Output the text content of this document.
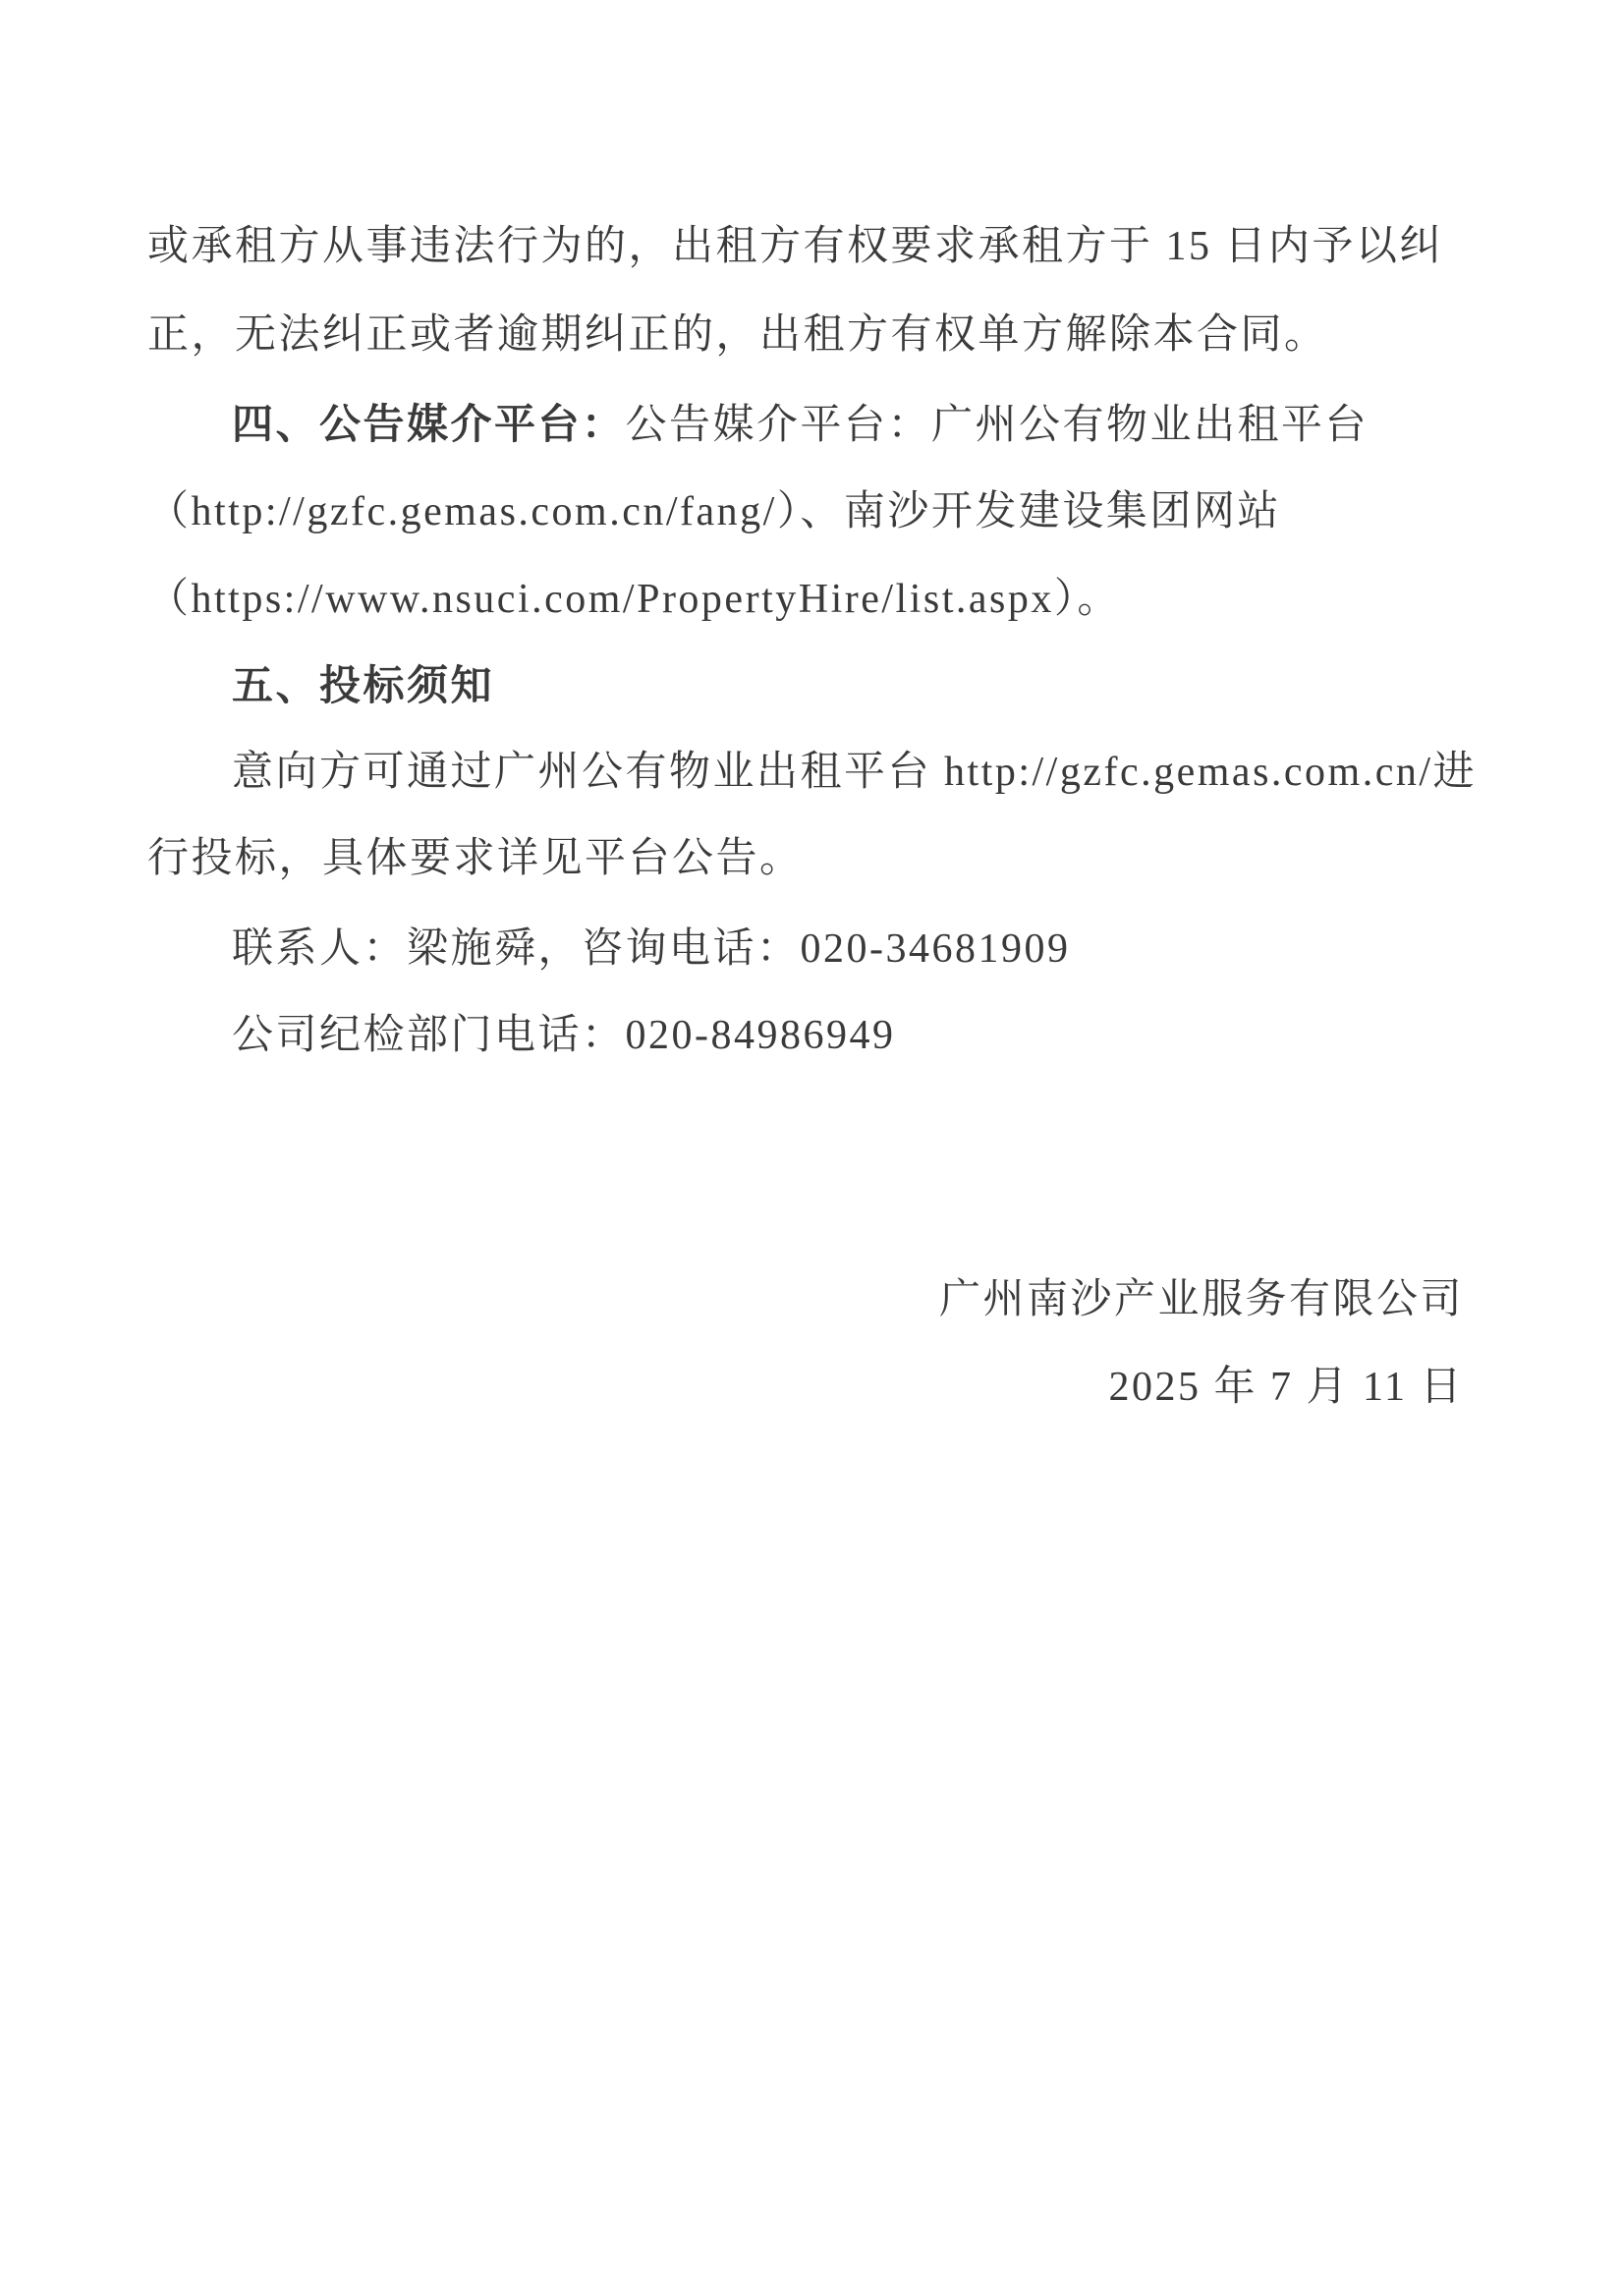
或承租方从事违法行为的，出租方有权要求承租方于 15 日内予以纠
正，无法纠正或者逾期纠正的，出租方有权单方解除本合同。
四、公告媒介平台：公告媒介平台：广州公有物业出租平台
（http://gzfc.gemas.com.cn/fang/）、南沙开发建设集团网站
（https://www.nsuci.com/PropertyHire/list.aspx）。
五、投标须知
意向方可通过广州公有物业出租平台 http://gzfc.gemas.com.cn/进
行投标，具体要求详见平台公告。
联系人：梁施舜，咨询电话：020-34681909
公司纪检部门电话：020-84986949
广州南沙产业服务有限公司
2025 年 7 月 11 日
